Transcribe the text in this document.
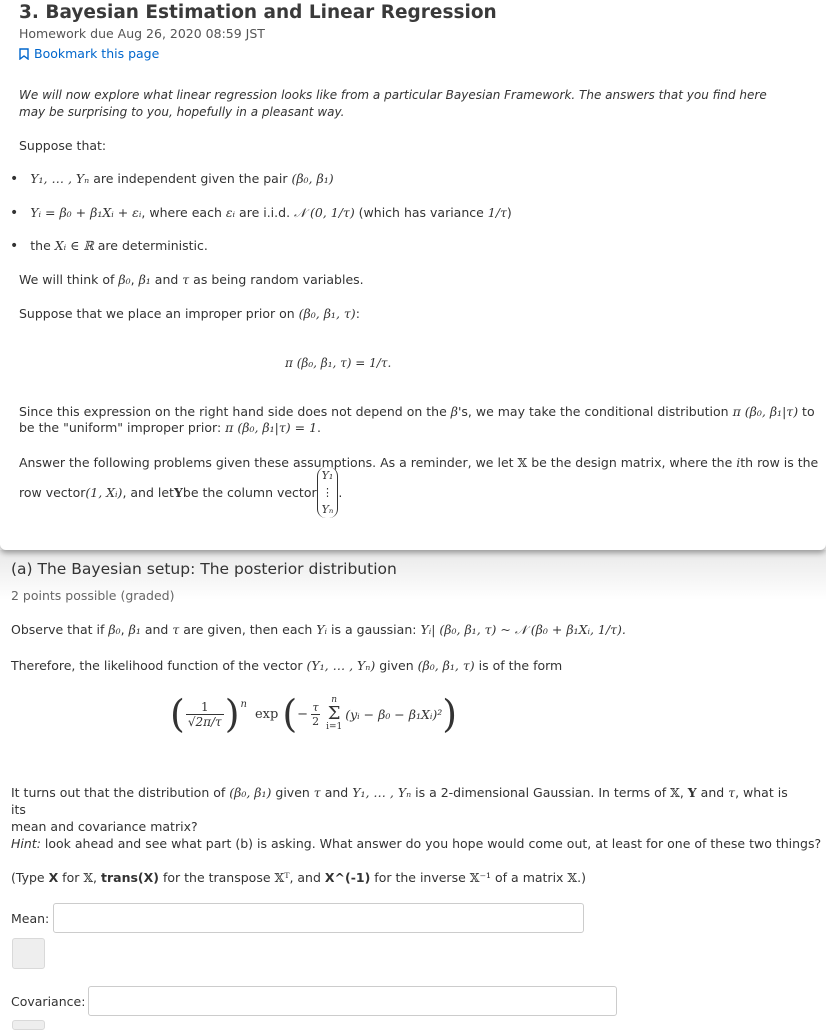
3. Bayesian Estimation and Linear Regression
Homework due Aug 26, 2020 08:59 JST
Bookmark this page
We will now explore what linear regression looks like from a particular Bayesian Framework. The answers that you find here may be surprising to you, hopefully in a pleasant way.
Suppose that:
• Y₁, … , Yₙ are independent given the pair (β₀, β₁)
• Yᵢ = β₀ + β₁Xᵢ + εᵢ, where each εᵢ are i.i.d. 𝒩 (0, 1/τ) (which has variance 1/τ)
• the Xᵢ ∈ ℝ are deterministic.
We will think of β₀, β₁ and τ as being random variables.
Suppose that we place an improper prior on (β₀, β₁, τ):
π (β₀, β₁, τ) = 1/τ.
Since this expression on the right hand side does not depend on the β's, we may take the conditional distribution π (β₀, β₁|τ) to
be the "uniform" improper prior: π (β₀, β₁|τ) = 1.
Answer the following problems given these assumptions. As a reminder, we let 𝕏 be the design matrix, where the ith row is the
row vector (1, Xᵢ) , and let Y be the column vector
Y₁
⋮
Yₙ
.
(a) The Bayesian setup: The posterior distribution
2 points possible (graded)
Observe that if β₀, β₁ and τ are given, then each Yᵢ is a gaussian: Yᵢ| (β₀, β₁, τ) ~ 𝒩 (β₀ + β₁Xᵢ, 1/τ).
Therefore, the likelihood function of the vector (Y₁, … , Yₙ) given (β₀, β₁, τ) is of the form
( 1
√2π/τ ) n
exp ( − $\frac{\tau}{2}$
n
Σ
i=1
(yᵢ − β₀ − β₁Xᵢ)² )
It turns out that the distribution of (β₀, β₁) given τ and Y₁, … , Yₙ is a 2-dimensional Gaussian. In terms of 𝕏, Y and τ, what is its
mean and covariance matrix?
Hint: look ahead and see what part (b) is asking. What answer do you hope would come out, at least for one of these two things?
(Type X for 𝕏, trans(X) for the transpose 𝕏ᵀ, and X^(-1) for the inverse 𝕏⁻¹ of a matrix 𝕏.)
Mean:
Covariance:
